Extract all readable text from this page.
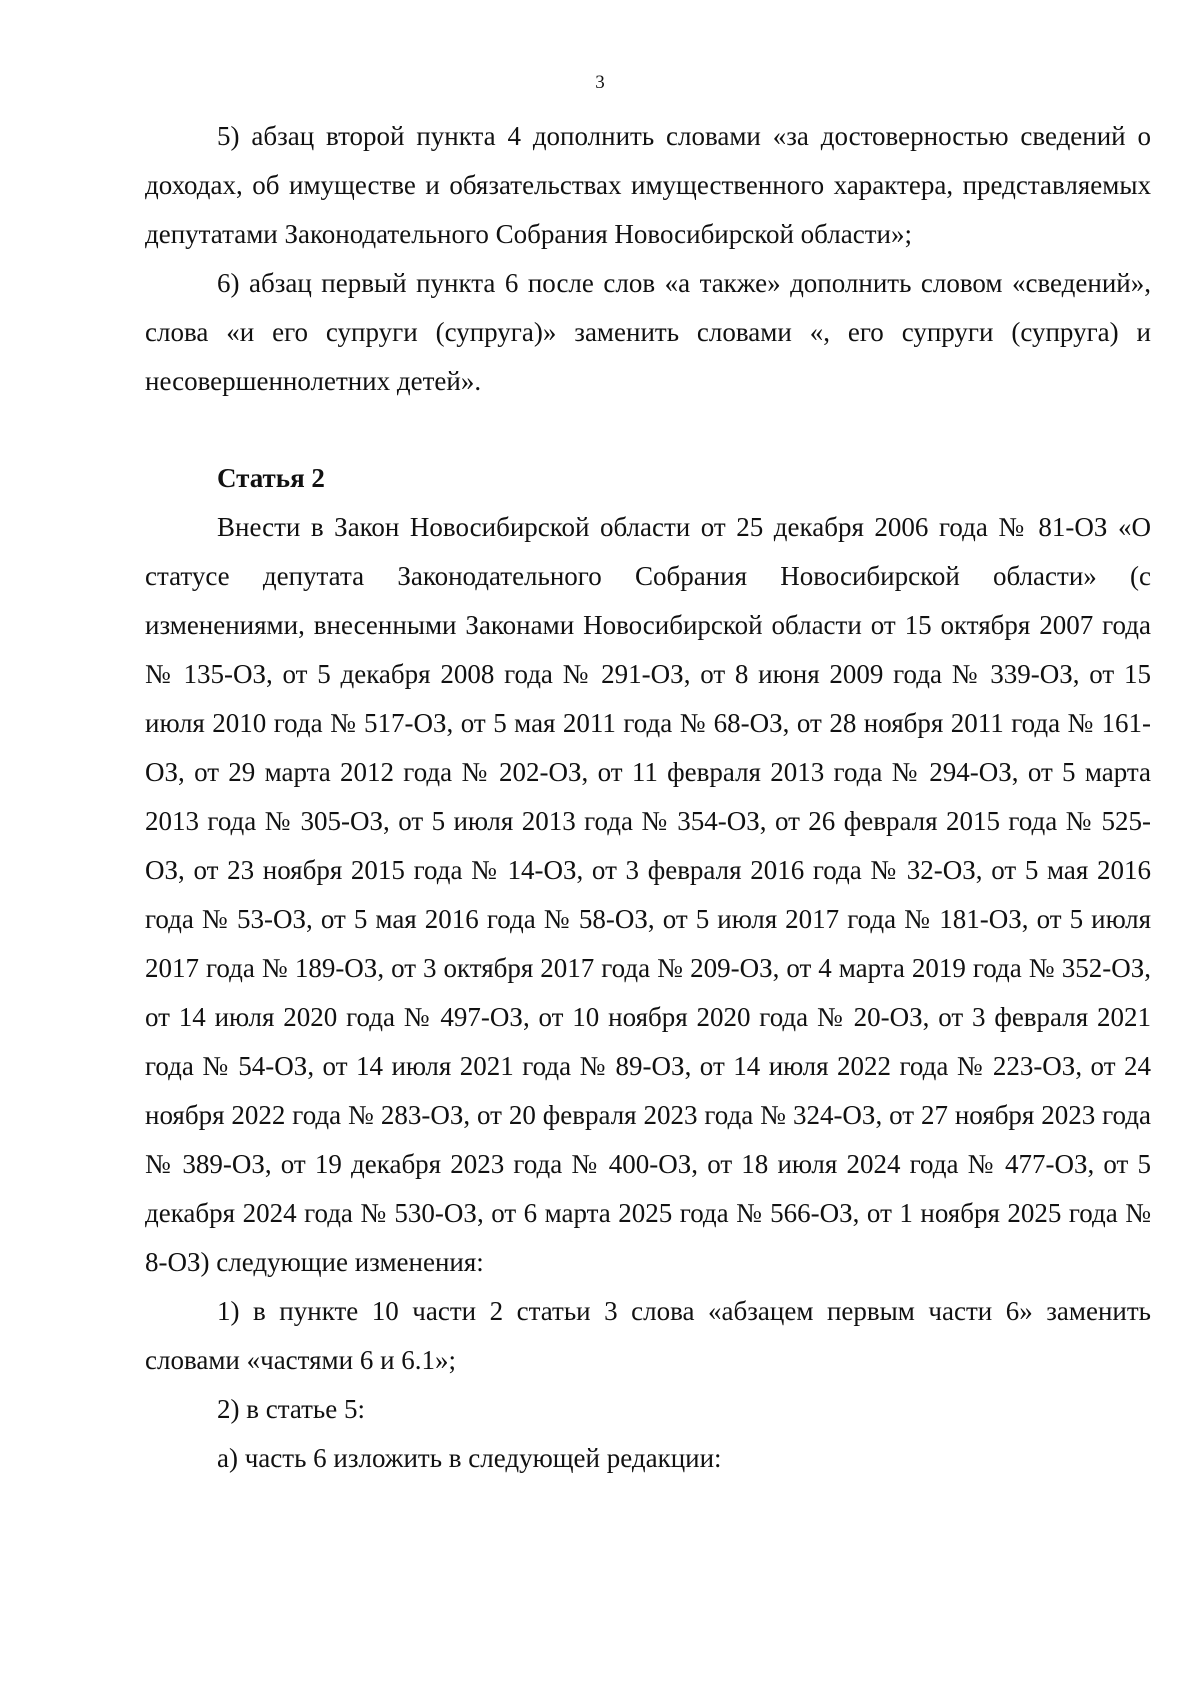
3

5) абзац второй пункта 4 дополнить словами «за достоверностью сведений о доходах, об имуществе и обязательствах имущественного характера, представляемых депутатами Законодательного Собрания Новосибирской области»;

6) абзац первый пункта 6 после слов «а также» дополнить словом «сведений», слова «и его супруги (супруга)» заменить словами «, его супруги (супруга) и несовершеннолетних детей».

Статья 2

Внести в Закон Новосибирской области от 25 декабря 2006 года № 81-ОЗ «О статусе депутата Законодательного Собрания Новосибирской области» (с изменениями, внесенными Законами Новосибирской области от 15 октября 2007 года № 135-ОЗ, от 5 декабря 2008 года № 291-ОЗ, от 8 июня 2009 года № 339-ОЗ, от 15 июля 2010 года № 517-ОЗ, от 5 мая 2011 года № 68-ОЗ, от 28 ноября 2011 года № 161-ОЗ, от 29 марта 2012 года № 202-ОЗ, от 11 февраля 2013 года № 294-ОЗ, от 5 марта 2013 года № 305-ОЗ, от 5 июля 2013 года № 354-ОЗ, от 26 февраля 2015 года № 525-ОЗ, от 23 ноября 2015 года № 14-ОЗ, от 3 февраля 2016 года № 32-ОЗ, от 5 мая 2016 года № 53-ОЗ, от 5 мая 2016 года № 58-ОЗ, от 5 июля 2017 года № 181-ОЗ, от 5 июля 2017 года № 189-ОЗ, от 3 октября 2017 года № 209-ОЗ, от 4 марта 2019 года № 352-ОЗ, от 14 июля 2020 года № 497-ОЗ, от 10 ноября 2020 года № 20-ОЗ, от 3 февраля 2021 года № 54-ОЗ, от 14 июля 2021 года № 89-ОЗ, от 14 июля 2022 года № 223-ОЗ, от 24 ноября 2022 года № 283-ОЗ, от 20 февраля 2023 года № 324-ОЗ, от 27 ноября 2023 года № 389-ОЗ, от 19 декабря 2023 года № 400-ОЗ, от 18 июля 2024 года № 477-ОЗ, от 5 декабря 2024 года № 530-ОЗ, от 6 марта 2025 года № 566-ОЗ, от 1 ноября 2025 года № 8-ОЗ) следующие изменения:

1) в пункте 10 части 2 статьи 3 слова «абзацем первым части 6» заменить словами «частями 6 и 6.1»;

2) в статье 5:

а) часть 6 изложить в следующей редакции:
